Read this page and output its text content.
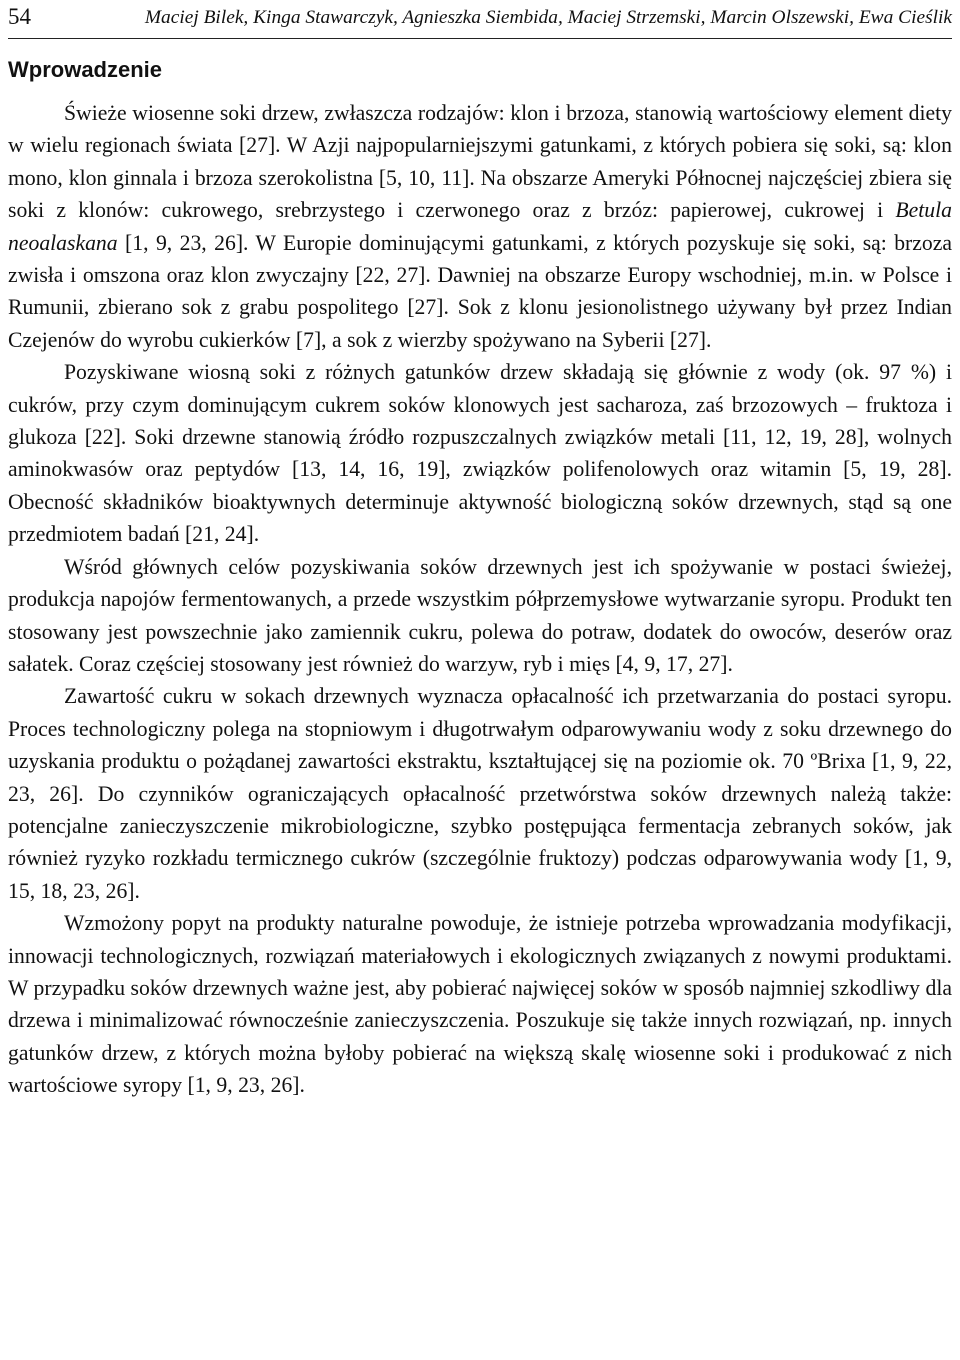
54	Maciej Bilek, Kinga Stawarczyk, Agnieszka Siembida, Maciej Strzemski, Marcin Olszewski, Ewa Cieślik
Wprowadzenie

Świeże wiosenne soki drzew, zwłaszcza rodzajów: klon i brzoza, stanowią wartościowy element diety w wielu regionach świata [27]. W Azji najpopularniejszymi gatunkami, z których pobiera się soki, są: klon mono, klon ginnala i brzoza szerokolistna [5, 10, 11]. Na obszarze Ameryki Północnej najczęściej zbiera się soki z klonów: cukrowego, srebrzystego i czerwonego oraz z brzóz: papierowej, cukrowej i Betula neoalaskana [1, 9, 23, 26]. W Europie dominującymi gatunkami, z których pozyskuje się soki, są: brzoza zwisła i omszona oraz klon zwyczajny [22, 27]. Dawniej na obszarze Europy wschodniej, m.in. w Polsce i Rumunii, zbierano sok z grabu pospolitego [27]. Sok z klonu jesionolistnego używany był przez Indian Czejenów do wyrobu cukierków [7], a sok z wierzby spożywano na Syberii [27].

Pozyskiwane wiosną soki z różnych gatunków drzew składają się głównie z wody (ok. 97 %) i cukrów, przy czym dominującym cukrem soków klonowych jest sacharoza, zaś brzozowych – fruktoza i glukoza [22]. Soki drzewne stanowią źródło rozpuszczalnych związków metali [11, 12, 19, 28], wolnych aminokwasów oraz peptydów [13, 14, 16, 19], związków polifenolowych oraz witamin [5, 19, 28]. Obecność składników bioaktywnych determinuje aktywność biologiczną soków drzewnych, stąd są one przedmiotem badań [21, 24].

Wśród głównych celów pozyskiwania soków drzewnych jest ich spożywanie w postaci świeżej, produkcja napojów fermentowanych, a przede wszystkim półprzemysłowe wytwarzanie syropu. Produkt ten stosowany jest powszechnie jako zamiennik cukru, polewa do potraw, dodatek do owoców, deserów oraz sałatek. Coraz częściej stosowany jest również do warzyw, ryb i mięs [4, 9, 17, 27].

Zawartość cukru w sokach drzewnych wyznacza opłacalność ich przetwarzania do postaci syropu. Proces technologiczny polega na stopniowym i długotrwałym odparowywaniu wody z soku drzewnego do uzyskania produktu o pożądanej zawartości ekstraktu, kształtującej się na poziomie ok. 70 ºBrixa [1, 9, 22, 23, 26]. Do czynników ograniczających opłacalność przetwórstwa soków drzewnych należą także: potencjalne zanieczyszczenie mikrobiologiczne, szybko postępująca fermentacja zebranych soków, jak również ryzyko rozkładu termicznego cukrów (szczególnie fruktozy) podczas odparowywania wody [1, 9, 15, 18, 23, 26].

Wzmożony popyt na produkty naturalne powoduje, że istnieje potrzeba wprowadzania modyfikacji, innowacji technologicznych, rozwiązań materiałowych i ekologicznych związanych z nowymi produktami. W przypadku soków drzewnych ważne jest, aby pobierać najwięcej soków w sposób najmniej szkodliwy dla drzewa i minimalizować równocześnie zanieczyszczenia. Poszukuje się także innych rozwiązań, np. innych gatunków drzew, z których można byłoby pobierać na większą skalę wiosenne soki i produkować z nich wartościowe syropy [1, 9, 23, 26].
